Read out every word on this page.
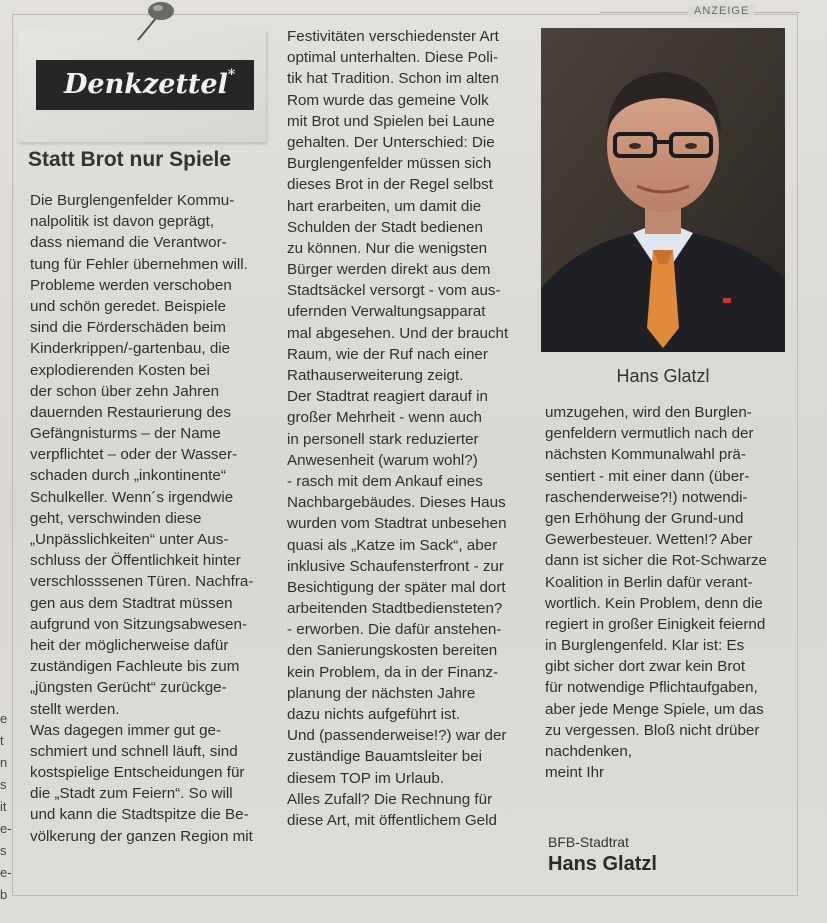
ANZEIGE
Denkzettel*
Statt Brot nur Spiele
Die Burglengenfelder Kommu-
nalpolitik ist davon geprägt,
dass niemand die Verantwor-
tung für Fehler übernehmen will.
Probleme werden verschoben
und schön geredet. Beispiele
sind die Förderschäden beim
Kinderkrippen/-gartenbau, die
explodierenden Kosten bei
der schon über zehn Jahren
dauernden Restaurierung des
Gefängnisturms – der Name
verpflichtet – oder der Wasser-
schaden durch „inkontinente“
Schulkeller. Wenn´s irgendwie
geht, verschwinden diese
„Unpässlichkeiten“ unter Aus-
schluss der Öffentlichkeit hinter
verschlosssenen Türen. Nachfra-
gen aus dem Stadtrat müssen
aufgrund von Sitzungsabwesen-
heit der möglicherweise dafür
zuständigen Fachleute bis zum
„jüngsten Gerücht“ zurückge-
stellt werden.
Was dagegen immer gut ge-
schmiert und schnell läuft, sind
kostspielige Entscheidungen für
die „Stadt zum Feiern“. So will
und kann die Stadtspitze die Be-
völkerung der ganzen Region mit
Festivitäten verschiedenster Art
optimal unterhalten. Diese Poli-
tik hat Tradition. Schon im alten
Rom wurde das gemeine Volk
mit Brot und Spielen bei Laune
gehalten. Der Unterschied: Die
Burglengenfelder müssen sich
dieses Brot in der Regel selbst
hart erarbeiten, um damit die
Schulden der Stadt bedienen
zu können. Nur die wenigsten
Bürger werden direkt aus dem
Stadtsäckel versorgt - vom aus-
ufernden Verwaltungsapparat
mal abgesehen. Und der braucht
Raum, wie der Ruf nach einer
Rathauserweiterung zeigt.
Der Stadtrat reagiert darauf in
großer Mehrheit - wenn auch
in personell stark reduzierter
Anwesenheit (warum wohl?)
- rasch mit dem Ankauf eines
Nachbargebäudes. Dieses Haus
wurden vom Stadtrat unbesehen
quasi als „Katze im Sack“, aber
inklusive Schaufensterfront - zur
Besichtigung der später mal dort
arbeitenden Stadtbediensteten?
- erworben. Die dafür anstehen-
den Sanierungskosten bereiten
kein Problem, da in der Finanz-
planung der nächsten Jahre
dazu nichts aufgeführt ist.
Und (passenderweise!?) war der
zuständige Bauamtsleiter bei
diesem TOP im Urlaub.
Alles Zufall? Die Rechnung für
diese Art, mit öffentlichem Geld
umzugehen, wird den Burglen-
genfeldern vermutlich nach der
nächsten Kommunalwahl prä-
sentiert - mit einer dann (über-
raschenderweise?!) notwendi-
gen Erhöhung der Grund-und
Gewerbesteuer. Wetten!? Aber
dann ist sicher die Rot-Schwarze
Koalition in Berlin dafür verant-
wortlich. Kein Problem, denn die
regiert in großer Einigkeit feiernd
in Burglengenfeld. Klar ist: Es
gibt sicher dort zwar kein Brot
für notwendige Pflichtaufgaben,
aber jede Menge Spiele, um das
zu vergessen. Bloß nicht drüber
nachdenken,
meint Ihr
Hans Glatzl
BFB-Stadtrat
Hans Glatzl
e
t
n
s
it
e-
s
e-
b
